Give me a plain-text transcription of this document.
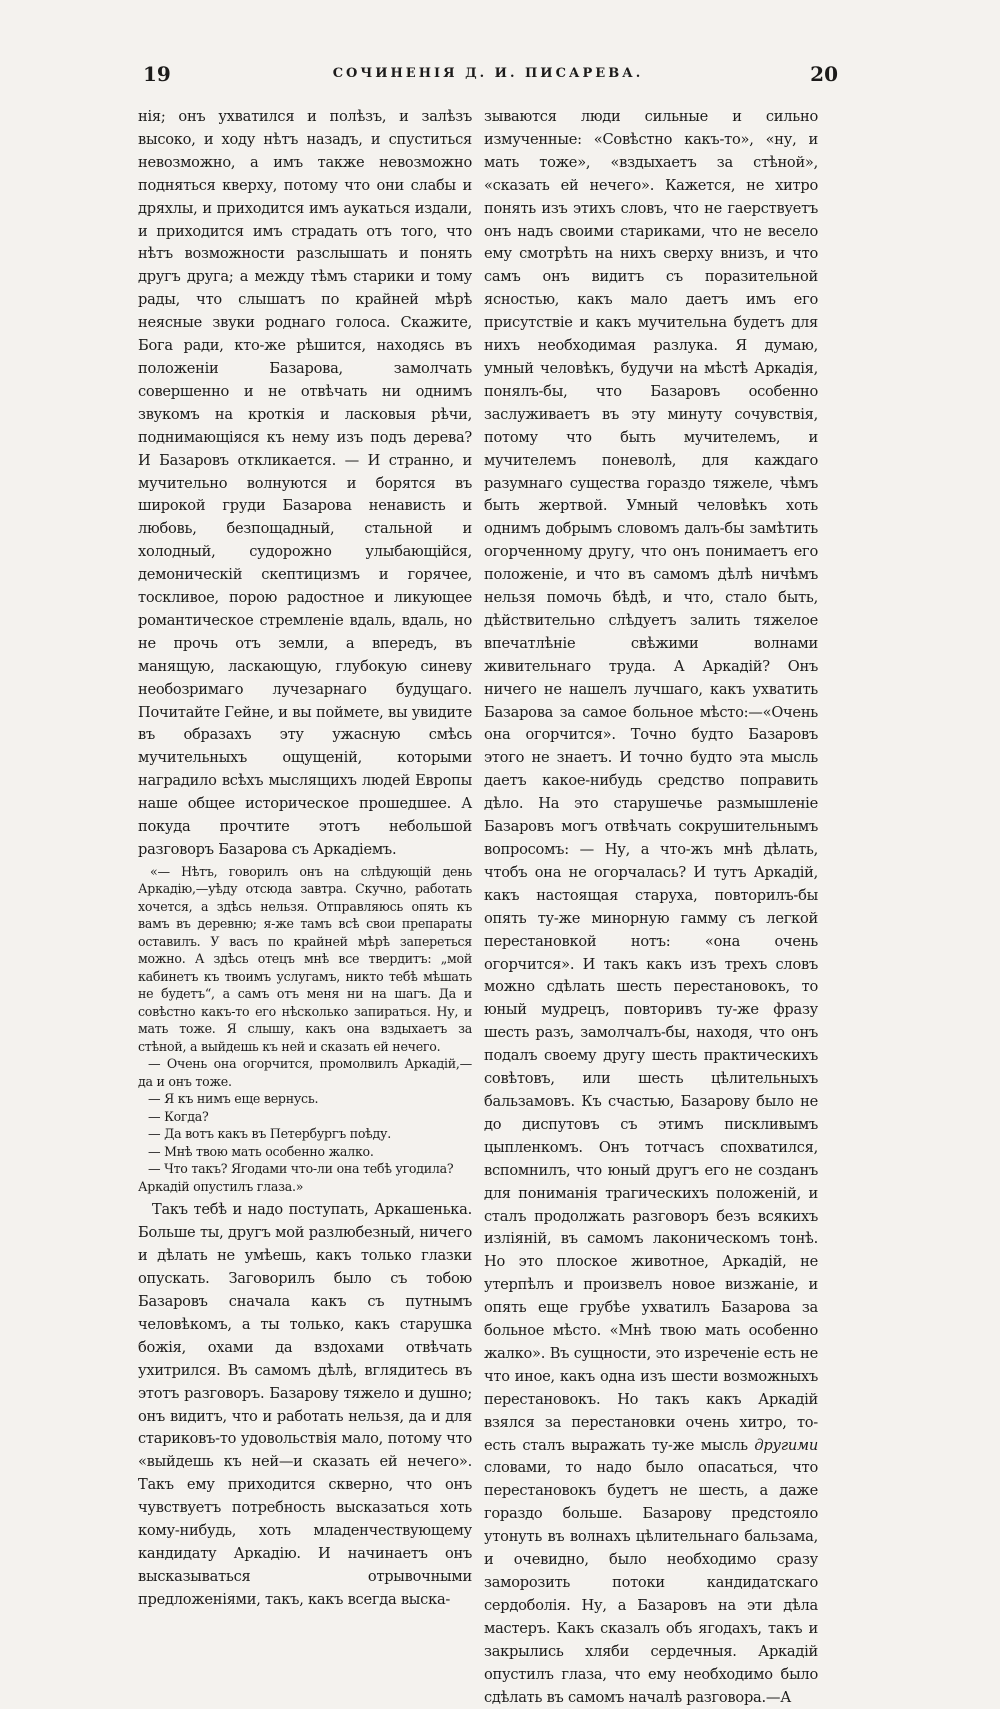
19	СОЧИНЕНІЯ Д. И. ПИСАРЕВА.	20

нія; онъ ухватился и полѣзъ, и залѣзъ высоко, и ходу нѣтъ назадъ, и спуститься невозможно, а имъ также невозможно подняться кверху, потому что они слабы и дряхлы, и приходится имъ аукаться издали, и приходится имъ страдать отъ того, что нѣтъ возможности разслышать и понять другъ друга; а между тѣмъ старики и тому рады, что слышатъ по крайней мѣрѣ неясные звуки роднаго голоса. Скажите, Бога ради, кто-же рѣшится, находясь въ положеніи Базарова, замолчать совершенно и не отвѣчать ни однимъ звукомъ на кроткія и ласковыя рѣчи, поднимающіяся къ нему изъ подъ дерева? И Базаровъ откликается. — И странно, и мучительно волнуются и борятся въ широкой груди Базарова ненависть и любовь, безпощадный, стальной и холодный, судорожно улыбающійся, демоническій скептицизмъ и горячее, тоскливое, порою радостное и ликующее романтическое стремленіе вдаль, вдаль, но не прочь отъ земли, а впередъ, въ манящую, ласкающую, глубокую синеву необозримаго лучезарнаго будущаго. Почитайте Гейне, и вы поймете, вы увидите въ образахъ эту ужасную смѣсь мучительныхъ ощущеній, которыми наградило всѣхъ мыслящихъ людей Европы наше общее историческое прошедшее. А покуда прочтите этотъ небольшой разговоръ Базарова съ Аркадіемъ.

«— Нѣтъ, говорилъ онъ на слѣдующій день Аркадію,—уѣду отсюда завтра. Скучно, работать хочется, а здѣсь нельзя. Отправляюсь опять къ вамъ въ деревню; я-же тамъ всѣ свои препараты оставилъ. У васъ по крайней мѣрѣ запереться можно. А здѣсь отецъ мнѣ все твердитъ: „мой кабинетъ къ твоимъ услугамъ, никто тебѣ мѣшать не будетъ“, а самъ отъ меня ни на шагъ. Да и совѣстно какъ-то его нѣсколько запираться. Ну, и мать тоже. Я слышу, какъ она вздыхаетъ за стѣной, а выйдешь къ ней и сказать ей нечего.

— Очень она огорчится, промолвилъ Аркадій,— да и онъ тоже.

— Я къ нимъ еще вернусь.

— Когда?

— Да вотъ какъ въ Петербургъ поѣду.

— Мнѣ твою мать особенно жалко.

— Что такъ? Ягодами что-ли она тебѣ угодила?

Аркадій опустилъ глаза.»

Такъ тебѣ и надо поступать, Аркашенька. Больше ты, другъ мой разлюбезный, ничего и дѣлать не умѣешь, какъ только глазки опускать. Заговорилъ было съ тобою Базаровъ сначала какъ съ путнымъ человѣкомъ, а ты только, какъ старушка божія, охами да вздохами отвѣчать ухитрился. Въ самомъ дѣлѣ, вглядитесь въ этотъ разговоръ. Базарову тяжело и душно; онъ видитъ, что и работать нельзя, да и для стариковъ-то удовольствія мало, потому что «выйдешь къ ней—и сказать ей нечего». Такъ ему приходится скверно, что онъ чувствуетъ потребность высказаться хоть кому-нибудь, хоть младенчествующему кандидату Аркадію. И начинаетъ онъ высказываться отрывочными предложеніями, такъ, какъ всегда выска-

зываются люди сильные и сильно измученные: «Совѣстно какъ-то», «ну, и мать тоже», «вздыхаетъ за стѣной», «сказать ей нечего». Кажется, не хитро понять изъ этихъ словъ, что не гаерствуетъ онъ надъ своими стариками, что не весело ему смотрѣть на нихъ сверху внизъ, и что самъ онъ видитъ съ поразительной ясностью, какъ мало даетъ имъ его присутствіе и какъ мучительна будетъ для нихъ необходимая разлука. Я думаю, умный человѣкъ, будучи на мѣстѣ Аркадія, понялъ-бы, что Базаровъ особенно заслуживаетъ въ эту минуту сочувствія, потому что быть мучителемъ, и мучителемъ поневолѣ, для каждаго разумнаго существа гораздо тяжеле, чѣмъ быть жертвой. Умный человѣкъ хоть однимъ добрымъ словомъ далъ-бы замѣтить огорченному другу, что онъ понимаетъ его положеніе, и что въ самомъ дѣлѣ ничѣмъ нельзя помочь бѣдѣ, и что, стало быть, дѣйствительно слѣдуетъ залить тяжелое впечатлѣніе свѣжими волнами живительнаго труда. А Аркадій? Онъ ничего не нашелъ лучшаго, какъ ухватить Базарова за самое больное мѣсто:—«Очень она огорчится». Точно будто Базаровъ этого не знаетъ. И точно будто эта мысль даетъ какое-нибудь средство поправить дѣло. На это старушечье размышленіе Базаровъ могъ отвѣчать сокрушительнымъ вопросомъ: — Ну, а что-жъ мнѣ дѣлать, чтобъ она не огорчалась? И тутъ Аркадій, какъ настоящая старуха, повторилъ-бы опять ту-же минорную гамму съ легкой перестановкой нотъ: «она очень огорчится». И такъ какъ изъ трехъ словъ можно сдѣлать шесть перестановокъ, то юный мудрецъ, повторивъ ту-же фразу шесть разъ, замолчалъ-бы, находя, что онъ подалъ своему другу шесть практическихъ совѣтовъ, или шесть цѣлительныхъ бальзамовъ. Къ счастью, Базарову было не до диспутовъ съ этимъ пискливымъ цыпленкомъ. Онъ тотчасъ спохватился, вспомнилъ, что юный другъ его не созданъ для пониманія трагическихъ положеній, и сталъ продолжать разговоръ безъ всякихъ изліяній, въ самомъ лаконическомъ тонѣ. Но это плоское животное, Аркадій, не утерпѣлъ и произвелъ новое визжаніе, и опять еще грубѣе ухватилъ Базарова за больное мѣсто. «Мнѣ твою мать особенно жалко». Въ сущности, это изреченіе есть не что иное, какъ одна изъ шести возможныхъ перестановокъ. Но такъ какъ Аркадій взялся за перестановки очень хитро, то-есть сталъ выражать ту-же мысль другими словами, то надо было опасаться, что перестановокъ будетъ не шесть, а даже гораздо больше. Базарову предстояло утонуть въ волнахъ цѣлительнаго бальзама, и очевидно, было необходимо сразу заморозить потоки кандидатскаго сердоболія. Ну, а Базаровъ на эти дѣла мастеръ. Какъ сказалъ объ ягодахъ, такъ и закрылись хляби сердечныя. Аркадій опустилъ глаза, что ему необходимо было сдѣлать въ самомъ началѣ разговора.—А
